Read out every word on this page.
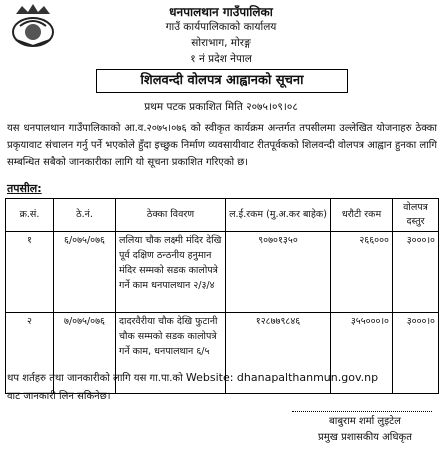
धनपालथान गाउँपालिका
गाउँ कार्यपालिकाको कार्यालय
सोराभाग, मोरङ्ग
१ नं प्रदेश नेपाल
शिलवन्दी वोलपत्र आह्वानको सूचना
प्रथम पटक प्रकाशित मिति २०७५।०९।०८
यस धनपालथान गाउँपालिकाको आ.व.२०७५।०७६ को स्वीकृत कार्यक्रम अन्तर्गत तपसीलमा उल्लेखित योजनाहरु ठेक्का प्रकृयावाट संचालन गर्नु पर्ने भएकोले हुँदा इच्छुक निर्माण व्यवसायीवाट रीतपूर्वकको शिलवन्दी वोलपत्र आह्वान हुनका लागि सम्बन्धित सबैको जानकारीका लागि यो सूचना प्रकाशित गरिएको छ।
तपसील:
क्र.सं.	ठे.नं.	ठेक्का विवरण	ल.ई.रकम (मु.अ.कर बाहेक)	धरौटी रकम	वोलपत्र दस्तुर
१	६/०७५/०७६	ललिया चौक लक्ष्मी मंदिर देखि पूर्व दक्षिण ठन्ठनीय हनुमान मंदिर सम्मको सडक कालोपत्रे गर्ने काम धनपालथान २/३/४	९०७०१३५०	२६६०००	३०००।०
२	७/०७५/०७६	दादरवैरीया चौक देखि फुटानी चौक सम्मको सडक कालोपत्रे गर्ने काम, धनपालथान ६/५	१२८७७९८४६	३५५०००।०	३०००।०
थप शर्तहरु तथा जानकारीको लागि यस गा.पा.को Website: dhanapalthanmun.gov.np
वाट जानकारी लिन सकिनेछ।
बाबुराम शर्मा लुइटेल
प्रमुख प्रशासकीय अधिकृत
